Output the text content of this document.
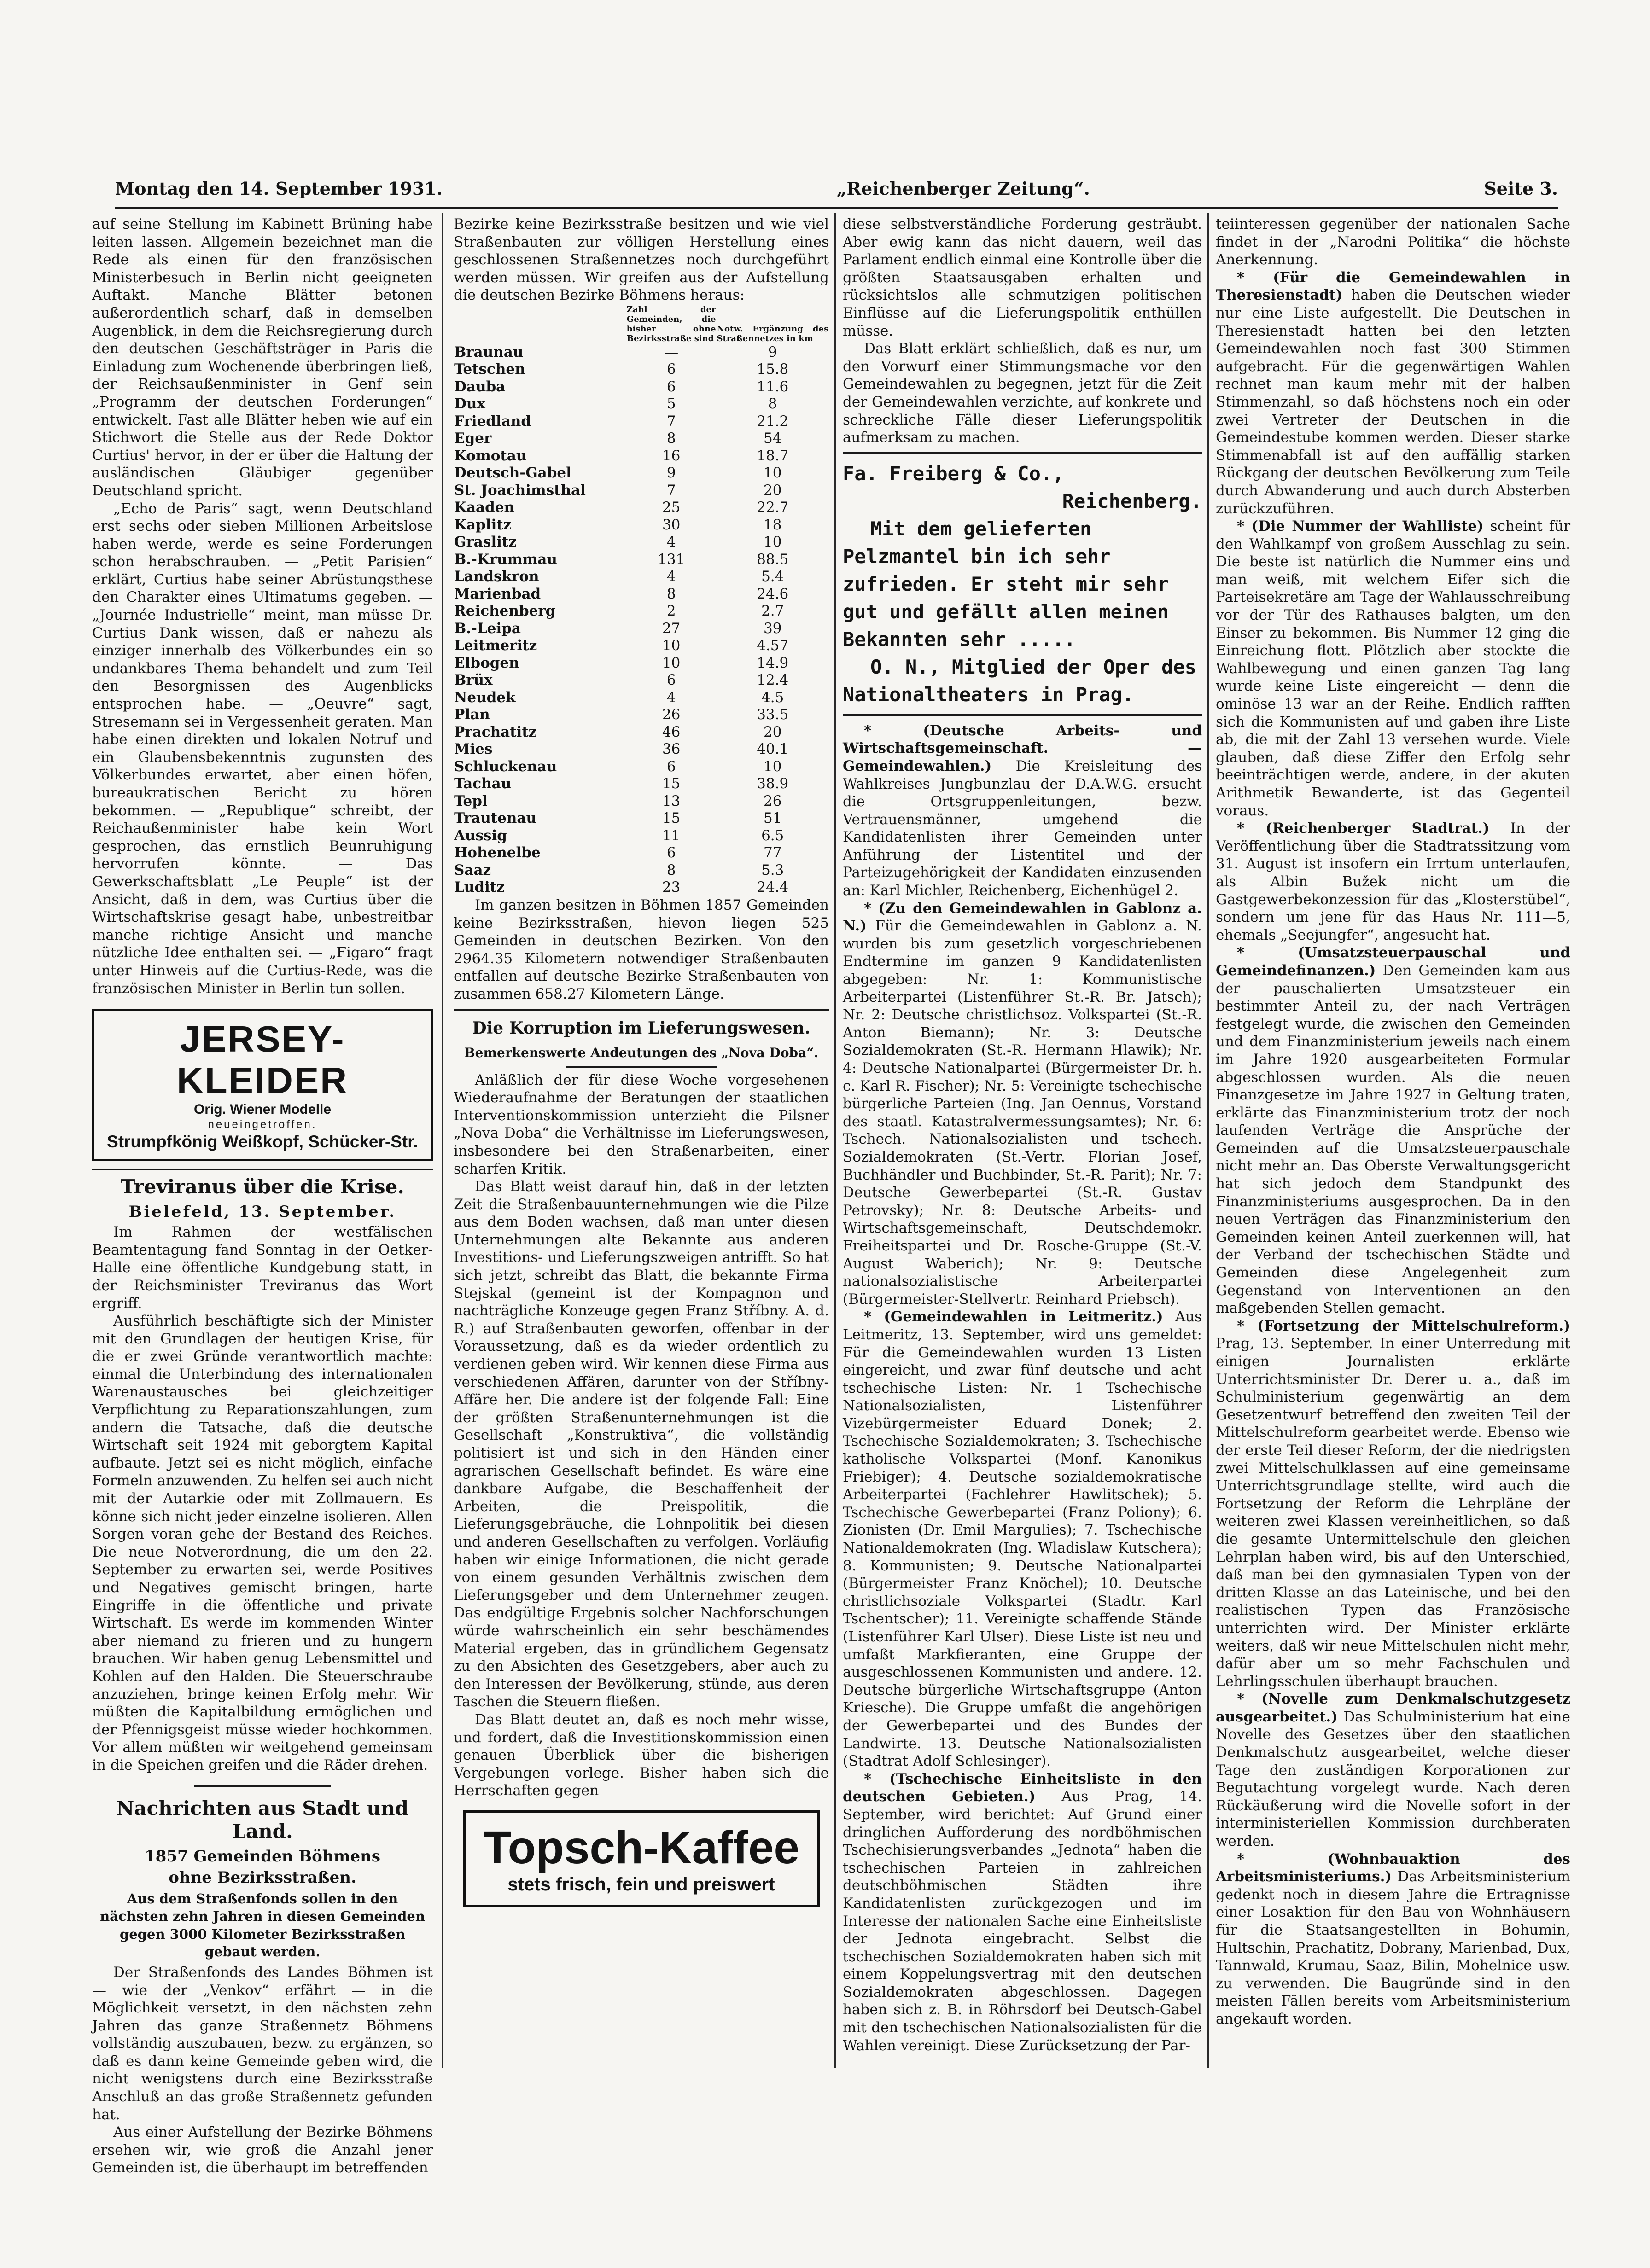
Montag den 14. September 1931.	„Reichenberger Zeitung“.	Seite 3.

auf seine Stellung im Kabinett Brüning habe leiten lassen. Allgemein bezeichnet man die Rede als einen für den französischen Ministerbesuch in Berlin nicht geeigneten Auftakt. Manche Blätter betonen außerordentlich scharf, daß in demselben Augenblick, in dem die Reichsregierung durch den deutschen Geschäftsträger in Paris die Einladung zum Wochenende überbringen ließ, der Reichsaußenminister in Genf sein „Programm der deutschen Forderungen“ entwickelt. Fast alle Blätter heben wie auf ein Stichwort die Stelle aus der Rede Doktor Curtius' hervor, in der er über die Haltung der ausländischen Gläubiger gegenüber Deutschland spricht.

„Echo de Paris“ sagt, wenn Deutschland erst sechs oder sieben Millionen Arbeitslose haben werde, werde es seine Forderungen schon herabschrauben. — „Petit Parisien“ erklärt, Curtius habe seiner Abrüstungsthese den Charakter eines Ultimatums gegeben. — „Journée Industrielle“ meint, man müsse Dr. Curtius Dank wissen, daß er nahezu als einziger innerhalb des Völkerbundes ein so undankbares Thema behandelt und zum Teil den Besorgnissen des Augenblicks entsprochen habe. — „Oeuvre“ sagt, Stresemann sei in Vergessenheit geraten. Man habe einen direkten und lokalen Notruf und ein Glaubensbekenntnis zugunsten des Völkerbundes erwartet, aber einen höfen, bureaukratischen Bericht zu hören bekommen. — „Republique“ schreibt, der Reichaußenminister habe kein Wort gesprochen, das ernstlich Beunruhigung hervorrufen könnte. — Das Gewerkschaftsblatt „Le Peuple“ ist der Ansicht, daß in dem, was Curtius über die Wirtschaftskrise gesagt habe, unbestreitbar manche richtige Ansicht und manche nützliche Idee enthalten sei. — „Figaro“ fragt unter Hinweis auf die Curtius-Rede, was die französischen Minister in Berlin tun sollen.

JERSEY-KLEIDER
Orig. Wiener Modelle
neueingetroffen.
Strumpfkönig Weißkopf, Schücker-Str.
Treviranus über die Krise.
Bielefeld, 13. September.

Im Rahmen der westfälischen Beamtentagung fand Sonntag in der Oetker-Halle eine öffentliche Kundgebung statt, in der Reichsminister Treviranus das Wort ergriff.

Ausführlich beschäftigte sich der Minister mit den Grundlagen der heutigen Krise, für die er zwei Gründe verantwortlich machte: einmal die Unterbindung des internationalen Warenaustausches bei gleichzeitiger Verpflichtung zu Reparationszahlungen, zum andern die Tatsache, daß die deutsche Wirtschaft seit 1924 mit geborgtem Kapital aufbaute. Jetzt sei es nicht möglich, einfache Formeln anzuwenden. Zu helfen sei auch nicht mit der Autarkie oder mit Zollmauern. Es könne sich nicht jeder einzelne isolieren. Allen Sorgen voran gehe der Bestand des Reiches. Die neue Notverordnung, die um den 22. September zu erwarten sei, werde Positives und Negatives gemischt bringen, harte Eingriffe in die öffentliche und private Wirtschaft. Es werde im kommenden Winter aber niemand zu frieren und zu hungern brauchen. Wir haben genug Lebensmittel und Kohlen auf den Halden. Die Steuerschraube anzuziehen, bringe keinen Erfolg mehr. Wir müßten die Kapitalbildung ermöglichen und der Pfennigsgeist müsse wieder hochkommen. Vor allem müßten wir weitgehend gemeinsam in die Speichen greifen und die Räder drehen.

Nachrichten aus Stadt und Land.
1857 Gemeinden Böhmens
ohne Bezirksstraßen.

Aus dem Straßenfonds sollen in den nächsten zehn Jahren in diesen Gemeinden gegen 3000 Kilometer Bezirksstraßen gebaut werden.

Der Straßenfonds des Landes Böhmen ist — wie der „Venkov“ erfährt — in die Möglichkeit versetzt, in den nächsten zehn Jahren das ganze Straßennetz Böhmens vollständig auszubauen, bezw. zu ergänzen, so daß es dann keine Gemeinde geben wird, die nicht wenigstens durch eine Bezirksstraße Anschluß an das große Straßennetz gefunden hat.

Aus einer Aufstellung der Bezirke Böhmens ersehen wir, wie groß die Anzahl jener Gemeinden ist, die überhaupt im betreffenden

Bezirke keine Bezirksstraße besitzen und wie viel Straßenbauten zur völligen Herstellung eines geschlossenen Straßennetzes noch durchgeführt werden müssen. Wir greifen aus der Aufstellung die deutschen Bezirke Böhmens heraus:

	Zahl der Gemeinden, die bisher ohne Bezirksstraße sind	Notw. Ergänzung des Straßennetzes in km
Braunau	—	9
Tetschen	6	15.8
Dauba	6	11.6
Dux	5	8
Friedland	7	21.2
Eger	8	54
Komotau	16	18.7
Deutsch-Gabel	9	10
St. Joachimsthal	7	20
Kaaden	25	22.7
Kaplitz	30	18
Graslitz	4	10
B.-Krummau	131	88.5
Landskron	4	5.4
Marienbad	8	24.6
Reichenberg	2	2.7
B.-Leipa	27	39
Leitmeritz	10	4.57
Elbogen	10	14.9
Brüx	6	12.4
Neudek	4	4.5
Plan	26	33.5
Prachatitz	46	20
Mies	36	40.1
Schluckenau	6	10
Tachau	15	38.9
Tepl	13	26
Trautenau	15	51
Aussig	11	6.5
Hohenelbe	6	77
Saaz	8	5.3
Luditz	23	24.4

Im ganzen besitzen in Böhmen 1857 Gemeinden keine Bezirksstraßen, hievon liegen 525 Gemeinden in deutschen Bezirken. Von den 2964.35 Kilometern notwendiger Straßenbauten entfallen auf deutsche Bezirke Straßenbauten von zusammen 658.27 Kilometern Länge.

Die Korruption im Lieferungswesen.
Bemerkenswerte Andeutungen des „Nova Doba“.

Anläßlich der für diese Woche vorgesehenen Wiederaufnahme der Beratungen der staatlichen Interventionskommission unterzieht die Pilsner „Nova Doba“ die Verhältnisse im Lieferungswesen, insbesondere bei den Straßenarbeiten, einer scharfen Kritik.

Das Blatt weist darauf hin, daß in der letzten Zeit die Straßenbauunternehmungen wie die Pilze aus dem Boden wachsen, daß man unter diesen Unternehmungen alte Bekannte aus anderen Investitions- und Lieferungszweigen antrifft. So hat sich jetzt, schreibt das Blatt, die bekannte Firma Stejskal (gemeint ist der Kompagnon und nachträgliche Konzeuge gegen Franz Stříbny. A. d. R.) auf Straßenbauten geworfen, offenbar in der Voraussetzung, daß es da wieder ordentlich zu verdienen geben wird. Wir kennen diese Firma aus verschiedenen Affären, darunter von der Stříbny-Affäre her. Die andere ist der folgende Fall: Eine der größten Straßenunternehmungen ist die Gesellschaft „Konstruktiva“, die vollständig politisiert ist und sich in den Händen einer agrarischen Gesellschaft befindet. Es wäre eine dankbare Aufgabe, die Beschaffenheit der Arbeiten, die Preispolitik, die Lieferungsgebräuche, die Lohnpolitik bei diesen und anderen Gesellschaften zu verfolgen. Vorläufig haben wir einige Informationen, die nicht gerade von einem gesunden Verhältnis zwischen dem Lieferungsgeber und dem Unternehmer zeugen. Das endgültige Ergebnis solcher Nachforschungen würde wahrscheinlich ein sehr beschämendes Material ergeben, das in gründlichem Gegensatz zu den Absichten des Gesetzgebers, aber auch zu den Interessen der Bevölkerung, stünde, aus deren Taschen die Steuern fließen.

Das Blatt deutet an, daß es noch mehr wisse, und fordert, daß die Investitionskommission einen genauen Überblick über die bisherigen Vergebungen vorlege. Bisher haben sich die Herrschaften gegen

Topsch-Kaffee
stets frisch, fein und preiswert

diese selbstverständliche Forderung gesträubt. Aber ewig kann das nicht dauern, weil das Parlament endlich einmal eine Kontrolle über die größten Staatsausgaben erhalten und rücksichtslos alle schmutzigen politischen Einflüsse auf die Lieferungspolitik enthüllen müsse.

Das Blatt erklärt schließlich, daß es nur, um den Vorwurf einer Stimmungsmache vor den Gemeindewahlen zu begegnen, jetzt für die Zeit der Gemeindewahlen verzichte, auf konkrete und schreckliche Fälle dieser Lieferungspolitik aufmerksam zu machen.

Fa. Freiberg & Co.,
Reichenberg.
Mit dem gelieferten Pelzmantel bin ich sehr zufrieden. Er steht mir sehr gut und gefällt allen meinen Bekannten sehr .....
O. N., Mitglied der Oper des Nationaltheaters in Prag.

* (Deutsche Arbeits- und Wirtschaftsgemeinschaft. — Gemeindewahlen.) Die Kreisleitung des Wahlkreises Jungbunzlau der D.A.W.G. ersucht die Ortsgruppenleitungen, bezw. Vertrauensmänner, umgehend die Kandidatenlisten ihrer Gemeinden unter Anführung der Listentitel und der Parteizugehörigkeit der Kandidaten einzusenden an: Karl Michler, Reichenberg, Eichenhügel 2.

* (Zu den Gemeindewahlen in Gablonz a. N.) Für die Gemeindewahlen in Gablonz a. N. wurden bis zum gesetzlich vorgeschriebenen Endtermine im ganzen 9 Kandidatenlisten abgegeben: Nr. 1: Kommunistische Arbeiterpartei (Listenführer St.-R. Br. Jatsch); Nr. 2: Deutsche christlichsoz. Volkspartei (St.-R. Anton Biemann); Nr. 3: Deutsche Sozialdemokraten (St.-R. Hermann Hlawik); Nr. 4: Deutsche Nationalpartei (Bürgermeister Dr. h. c. Karl R. Fischer); Nr. 5: Vereinigte tschechische bürgerliche Parteien (Ing. Jan Oennus, Vorstand des staatl. Katastralvermessungsamtes); Nr. 6: Tschech. Nationalsozialisten und tschech. Sozialdemokraten (St.-Vertr. Florian Josef, Buchhändler und Buchbinder, St.-R. Parit); Nr. 7: Deutsche Gewerbepartei (St.-R. Gustav Petrovsky); Nr. 8: Deutsche Arbeits- und Wirtschaftsgemeinschaft, Deutschdemokr. Freiheitspartei und Dr. Rosche-Gruppe (St.-V. August Waberich); Nr. 9: Deutsche nationalsozialistische Arbeiterpartei (Bürgermeister-Stellvertr. Reinhard Priebsch).

* (Gemeindewahlen in Leitmeritz.) Aus Leitmeritz, 13. September, wird uns gemeldet: Für die Gemeindewahlen wurden 13 Listen eingereicht, und zwar fünf deutsche und acht tschechische Listen: Nr. 1 Tschechische Nationalsozialisten, Listenführer Vizebürgermeister Eduard Donek; 2. Tschechische Sozialdemokraten; 3. Tschechische katholische Volkspartei (Monf. Kanonikus Friebiger); 4. Deutsche sozialdemokratische Arbeiterpartei (Fachlehrer Hawlitschek); 5. Tschechische Gewerbepartei (Franz Poliony); 6. Zionisten (Dr. Emil Margulies); 7. Tschechische Nationaldemokraten (Ing. Wladislaw Kutschera); 8. Kommunisten; 9. Deutsche Nationalpartei (Bürgermeister Franz Knöchel); 10. Deutsche christlichsoziale Volkspartei (Stadtr. Karl Tschentscher); 11. Vereinigte schaffende Stände (Listenführer Karl Ulser). Diese Liste ist neu und umfaßt Markfieranten, eine Gruppe der ausgeschlossenen Kommunisten und andere. 12. Deutsche bürgerliche Wirtschaftsgruppe (Anton Kriesche). Die Gruppe umfaßt die angehörigen der Gewerbepartei und des Bundes der Landwirte. 13. Deutsche Nationalsozialisten (Stadtrat Adolf Schlesinger).

* (Tschechische Einheitsliste in den deutschen Gebieten.) Aus Prag, 14. September, wird berichtet: Auf Grund einer dringlichen Aufforderung des nordböhmischen Tschechisierungsverbandes „Jednota“ haben die tschechischen Parteien in zahlreichen deutschböhmischen Städten ihre Kandidatenlisten zurückgezogen und im Interesse der nationalen Sache eine Einheitsliste der Jednota eingebracht. Selbst die tschechischen Sozialdemokraten haben sich mit einem Koppelungsvertrag mit den deutschen Sozialdemokraten abgeschlossen. Dagegen haben sich z. B. in Röhrsdorf bei Deutsch-Gabel mit den tschechischen Nationalsozialisten für die Wahlen vereinigt. Diese Zurücksetzung der Par-

teiinteressen gegenüber der nationalen Sache findet in der „Narodni Politika“ die höchste Anerkennung.

* (Für die Gemeindewahlen in Theresienstadt) haben die Deutschen wieder nur eine Liste aufgestellt. Die Deutschen in Theresienstadt hatten bei den letzten Gemeindewahlen noch fast 300 Stimmen aufgebracht. Für die gegenwärtigen Wahlen rechnet man kaum mehr mit der halben Stimmenzahl, so daß höchstens noch ein oder zwei Vertreter der Deutschen in die Gemeindestube kommen werden. Dieser starke Stimmenabfall ist auf den auffällig starken Rückgang der deutschen Bevölkerung zum Teile durch Abwanderung und auch durch Absterben zurückzuführen.

* (Die Nummer der Wahlliste) scheint für den Wahlkampf von großem Ausschlag zu sein. Die beste ist natürlich die Nummer eins und man weiß, mit welchem Eifer sich die Parteisekretäre am Tage der Wahlausschreibung vor der Tür des Rathauses balgten, um den Einser zu bekommen. Bis Nummer 12 ging die Einreichung flott. Plötzlich aber stockte die Wahlbewegung und einen ganzen Tag lang wurde keine Liste eingereicht — denn die ominöse 13 war an der Reihe. Endlich rafften sich die Kommunisten auf und gaben ihre Liste ab, die mit der Zahl 13 versehen wurde. Viele glauben, daß diese Ziffer den Erfolg sehr beeinträchtigen werde, andere, in der akuten Arithmetik Bewanderte, ist das Gegenteil voraus.

* (Reichenberger Stadtrat.) In der Veröffentlichung über die Stadtratssitzung vom 31. August ist insofern ein Irrtum unterlaufen, als Albin Bužek nicht um die Gastgewerbekonzession für das „Klosterstübel“, sondern um jene für das Haus Nr. 111—5, ehemals „Seejungfer“, angesucht hat.

* (Umsatzsteuerpauschal und Gemeindefinanzen.) Den Gemeinden kam aus der pauschalierten Umsatzsteuer ein bestimmter Anteil zu, der nach Verträgen festgelegt wurde, die zwischen den Gemeinden und dem Finanzministerium jeweils nach einem im Jahre 1920 ausgearbeiteten Formular abgeschlossen wurden. Als die neuen Finanzgesetze im Jahre 1927 in Geltung traten, erklärte das Finanzministerium trotz der noch laufenden Verträge die Ansprüche der Gemeinden auf die Umsatzsteuerpauschale nicht mehr an. Das Oberste Verwaltungsgericht hat sich jedoch dem Standpunkt des Finanzministeriums ausgesprochen. Da in den neuen Verträgen das Finanzministerium den Gemeinden keinen Anteil zuerkennen will, hat der Verband der tschechischen Städte und Gemeinden diese Angelegenheit zum Gegenstand von Interventionen an den maßgebenden Stellen gemacht.

* (Fortsetzung der Mittelschulreform.) Prag, 13. September. In einer Unterredung mit einigen Journalisten erklärte Unterrichtsminister Dr. Derer u. a., daß im Schulministerium gegenwärtig an dem Gesetzentwurf betreffend den zweiten Teil der Mittelschulreform gearbeitet werde. Ebenso wie der erste Teil dieser Reform, der die niedrigsten zwei Mittelschulklassen auf eine gemeinsame Unterrichtsgrundlage stellte, wird auch die Fortsetzung der Reform die Lehrpläne der weiteren zwei Klassen vereinheitlichen, so daß die gesamte Untermittelschule den gleichen Lehrplan haben wird, bis auf den Unterschied, daß man bei den gymnasialen Typen von der dritten Klasse an das Lateinische, und bei den realistischen Typen das Französische unterrichten wird. Der Minister erklärte weiters, daß wir neue Mittelschulen nicht mehr, dafür aber um so mehr Fachschulen und Lehrlingsschulen überhaupt brauchen.

* (Novelle zum Denkmalschutzgesetz ausgearbeitet.) Das Schulministerium hat eine Novelle des Gesetzes über den staatlichen Denkmalschutz ausgearbeitet, welche dieser Tage den zuständigen Korporationen zur Begutachtung vorgelegt wurde. Nach deren Rückäußerung wird die Novelle sofort in der interministeriellen Kommission durchberaten werden.

* (Wohnbauaktion des Arbeitsministeriums.) Das Arbeitsministerium gedenkt noch in diesem Jahre die Ertragnisse einer Losaktion für den Bau von Wohnhäusern für die Staatsangestellten in Bohumin, Hultschin, Prachatitz, Dobrany, Marienbad, Dux, Tannwald, Krumau, Saaz, Bilin, Mohelnice usw. zu verwenden. Die Baugründe sind in den meisten Fällen bereits vom Arbeitsministerium angekauft worden.
